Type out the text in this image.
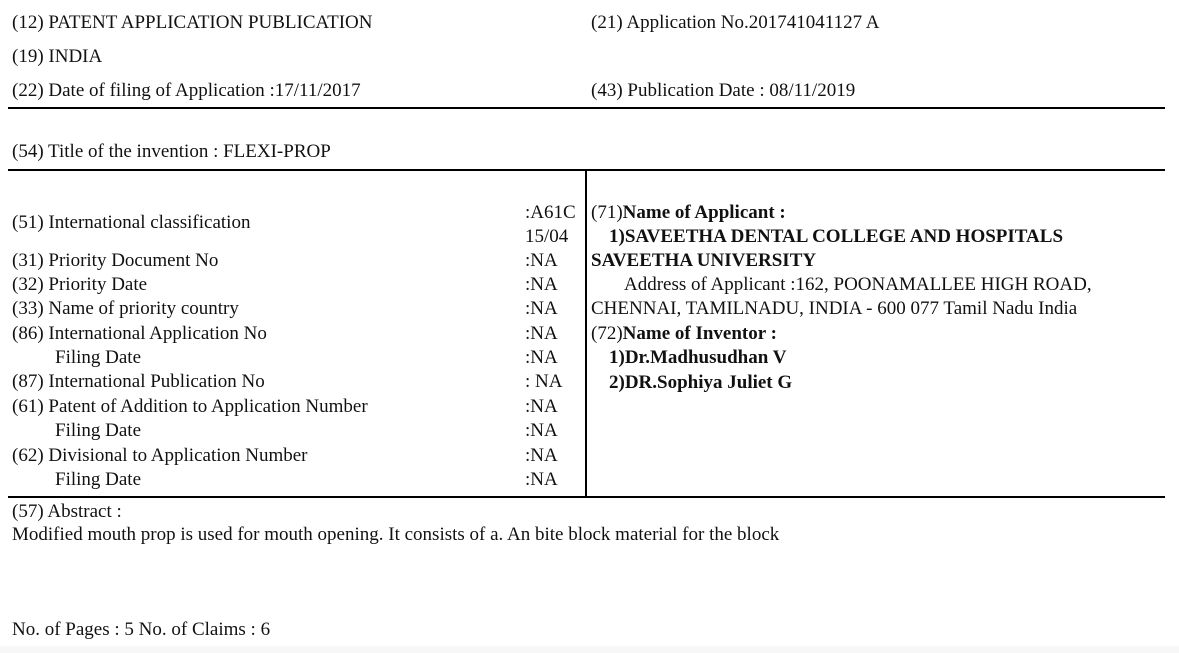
(12) PATENT APPLICATION PUBLICATION	(21) Application No.201741041127 A
(19) INDIA
(22) Date of filing of Application :17/11/2017	(43) Publication Date : 08/11/2019
(54) Title of the invention : FLEXI-PROP
(51) International classification	:A61C
15/04
(31) Priority Document No	:NA
(32) Priority Date	:NA
(33) Name of priority country	:NA
(86) International Application No	:NA
Filing Date	:NA
(87) International Publication No	: NA
(61) Patent of Addition to Application Number	:NA
Filing Date	:NA
(62) Divisional to Application Number	:NA
Filing Date	:NA
(71)Name of Applicant :
1)SAVEETHA DENTAL COLLEGE AND HOSPITALS
SAVEETHA UNIVERSITY
Address of Applicant :162, POONAMALLEE HIGH ROAD,
CHENNAI, TAMILNADU, INDIA - 600 077 Tamil Nadu India
(72)Name of Inventor :
1)Dr.Madhusudhan V
2)DR.Sophiya Juliet G
(57) Abstract :
Modified mouth prop is used for mouth opening. It consists of a. An bite block material for the block
No. of Pages : 5 No. of Claims : 6
